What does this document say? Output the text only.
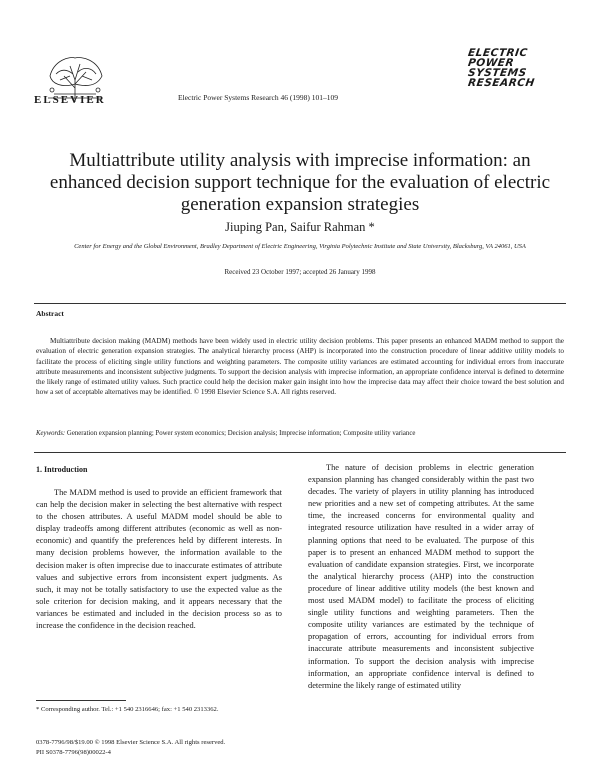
ELSEVIER	Electric Power Systems Research 46 (1998) 101–109
ELECTRIC
POWER
SYSTEMS
RESEARCH
Multiattribute utility analysis with imprecise information: an enhanced decision support technique for the evaluation of electric generation expansion strategies
Jiuping Pan, Saifur Rahman *
Center for Energy and the Global Environment, Bradley Department of Electric Engineering, Virginia Polytechnic Institute and State University, Blacksburg, VA 24061, USA
Received 23 October 1997; accepted 26 January 1998
Abstract
Multiattribute decision making (MADM) methods have been widely used in electric utility decision problems. This paper presents an enhanced MADM method to support the evaluation of electric generation expansion strategies. The analytical hierarchy process (AHP) is incorporated into the construction procedure of linear additive utility models to facilitate the process of eliciting single utility functions and weighting parameters. The composite utility variances are estimated accounting for individual errors from inaccurate attribute measurements and inconsistent subjective judgments. To support the decision analysis with imprecise information, an appropriate confidence interval is defined to determine the likely range of estimated utility values. Such practice could help the decision maker gain insight into how the imprecise data may affect their choice toward the best solution and how a set of acceptable alternatives may be identified. © 1998 Elsevier Science S.A. All rights reserved.
Keywords: Generation expansion planning; Power system economics; Decision analysis; Imprecise information; Composite utility variance
1. Introduction
The MADM method is used to provide an efficient framework that can help the decision maker in selecting the best alternative with respect to the chosen attributes. A useful MADM model should be able to display tradeoffs among different attributes (economic as well as non-economic) and quantify the preferences held by different interests. In many decision problems however, the information available to the decision maker is often imprecise due to inaccurate estimates of attribute values and subjective errors from inconsistent expert judgments. As such, it may not be totally satisfactory to use the expected value as the sole criterion for decision making, and it appears necessary that the variances be estimated and included in the decision process so as to increase the confidence in the decision reached.
The nature of decision problems in electric generation expansion planning has changed considerably within the past two decades. The variety of players in utility planning has introduced new priorities and a new set of competing attributes. At the same time, the increased concerns for environmental quality and integrated resource utilization have resulted in a wider array of planning options that need to be evaluated. The purpose of this paper is to present an enhanced MADM method to support the evaluation of candidate expansion strategies. First, we incorporate the analytical hierarchy process (AHP) into the construction procedure of linear additive utility models (the best known and most used MADM model) to facilitate the process of eliciting single utility functions and weighting parameters. Then the composite utility variances are estimated by the technique of propagation of errors, accounting for individual errors from inaccurate attribute measurements and inconsistent subjective information. To support the decision analysis with imprecise information, an appropriate confidence interval is defined to determine the likely range of estimated utility
* Corresponding author. Tel.: +1 540 2316646; fax: +1 540 2313362.
0378-7796/98/$19.00 © 1998 Elsevier Science S.A. All rights reserved.
PII S0378-7796(98)00022-4
